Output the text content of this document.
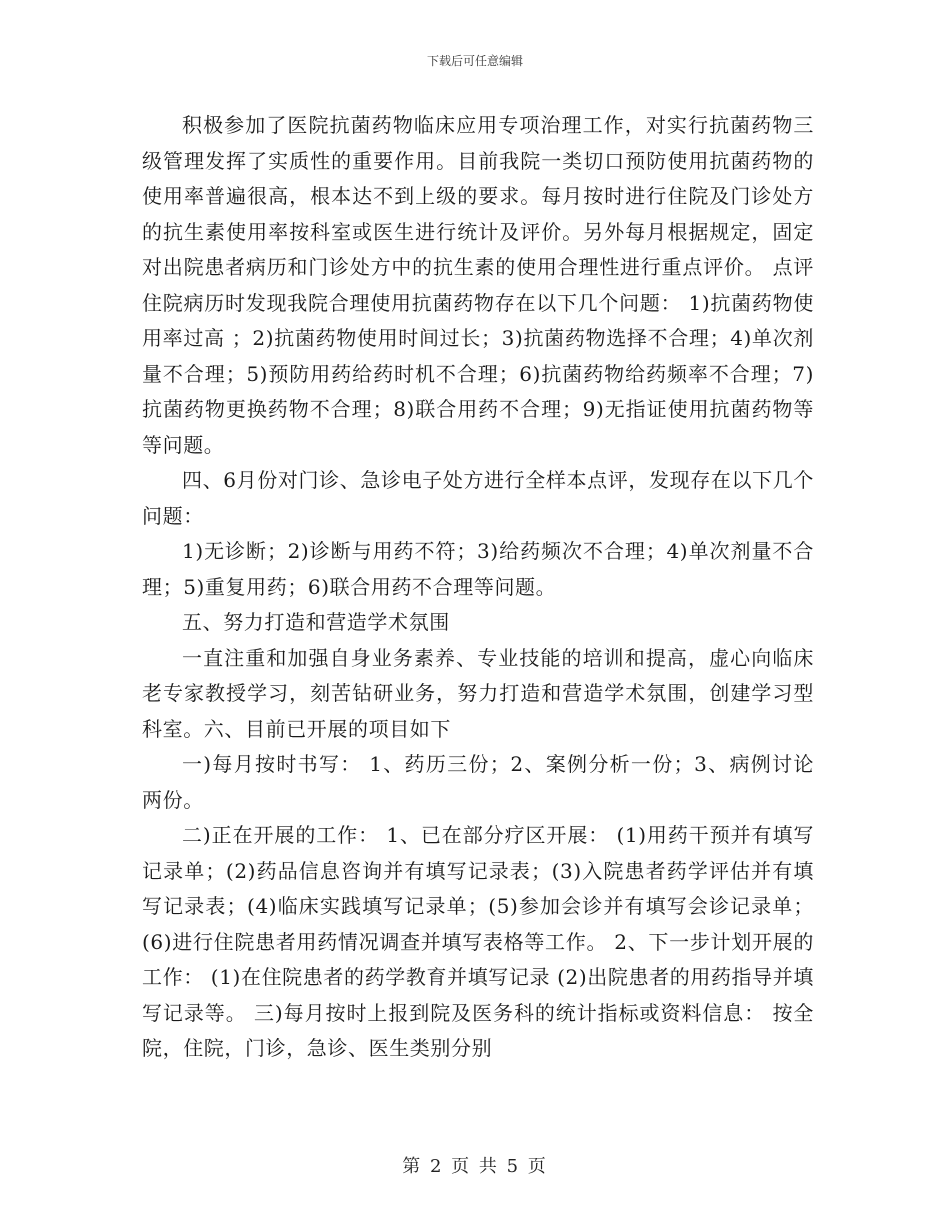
下载后可任意编辑

积极参加了医院抗菌药物临床应用专项治理工作，对实行抗菌药物三级管理发挥了实质性的重要作用。目前我院一类切口预防使用抗菌药物的使用率普遍很高，根本达不到上级的要求。每月按时进行住院及门诊处方的抗生素使用率按科室或医生进行统计及评价。另外每月根据规定，固定对出院患者病历和门诊处方中的抗生素的使用合理性进行重点评价。 点评住院病历时发现我院合理使用抗菌药物存在以下几个问题： 1)抗菌药物使用率过高 ；2)抗菌药物使用时间过长；3)抗菌药物选择不合理；4)单次剂量不合理；5)预防用药给药时机不合理；6)抗菌药物给药频率不合理；7)抗菌药物更换药物不合理；8)联合用药不合理；9)无指证使用抗菌药物等等问题。

四、6月份对门诊、急诊电子处方进行全样本点评，发现存在以下几个问题：

1)无诊断；2)诊断与用药不符；3)给药频次不合理；4)单次剂量不合理；5)重复用药；6)联合用药不合理等问题。

五、努力打造和营造学术氛围

一直注重和加强自身业务素养、专业技能的培训和提高，虚心向临床老专家教授学习，刻苦钻研业务，努力打造和营造学术氛围，创建学习型科室。六、目前已开展的项目如下

一)每月按时书写： 1、药历三份；2、案例分析一份；3、病例讨论两份。

二)正在开展的工作： 1、已在部分疗区开展： (1)用药干预并有填写记录单；(2)药品信息咨询并有填写记录表；(3)入院患者药学评估并有填写记录表；(4)临床实践填写记录单；(5)参加会诊并有填写会诊记录单；(6)进行住院患者用药情况调查并填写表格等工作。 2、下一步计划开展的工作： (1)在住院患者的药学教育并填写记录 (2)出院患者的用药指导并填写记录等。 三)每月按时上报到院及医务科的统计指标或资料信息： 按全院，住院，门诊，急诊、医生类别分别

第 2 页 共 5 页
